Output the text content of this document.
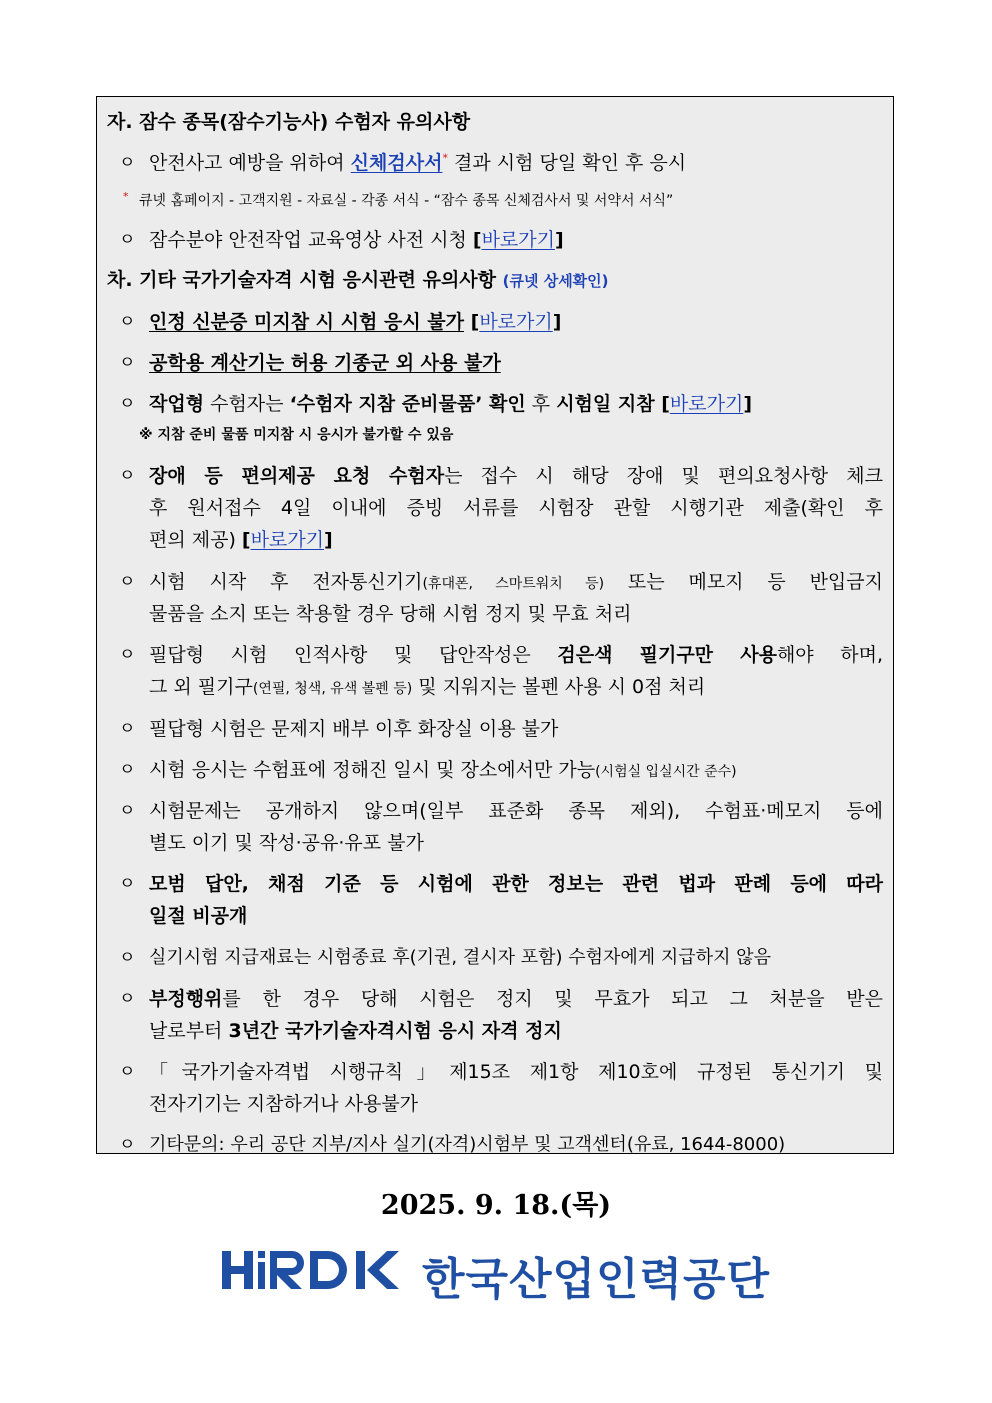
자. 잠수 종목(잠수기능사) 수험자 유의사항
ㅇ 안전사고 예방을 위하여 신체검사서* 결과 시험 당일 확인 후 응시
* 큐넷 홈페이지 - 고객지원 - 자료실 - 각종 서식 - “잠수 종목 신체검사서 및 서약서 서식”
ㅇ 잠수분야 안전작업 교육영상 사전 시청 [바로가기]
차. 기타 국가기술자격 시험 응시관련 유의사항 (큐넷 상세확인)
ㅇ 인정 신분증 미지참 시 시험 응시 불가 [바로가기]
ㅇ 공학용 계산기는 허용 기종군 외 사용 불가
ㅇ 작업형 수험자는 ‘수험자 지참 준비물품’ 확인 후 시험일 지참 [바로가기]
※ 지참 준비 물품 미지참 시 응시가 불가할 수 있음
ㅇ 장애 등 편의제공 요청 수험자는 접수 시 해당 장애 및 편의요청사항 체크
후 원서접수 4일 이내에 증빙 서류를 시험장 관할 시행기관 제출(확인 후
편의 제공) [바로가기]
ㅇ 시험 시작 후 전자통신기기(휴대폰, 스마트워치 등) 또는 메모지 등 반입금지
물품을 소지 또는 착용할 경우 당해 시험 정지 및 무효 처리
ㅇ 필답형 시험 인적사항 및 답안작성은 검은색 필기구만 사용해야 하며,
그 외 필기구(연필, 청색, 유색 볼펜 등) 및 지워지는 볼펜 사용 시 0점 처리
ㅇ 필답형 시험은 문제지 배부 이후 화장실 이용 불가
ㅇ 시험 응시는 수험표에 정해진 일시 및 장소에서만 가능(시험실 입실시간 준수)
ㅇ 시험문제는 공개하지 않으며(일부 표준화 종목 제외), 수험표·메모지 등에
별도 이기 및 작성·공유·유포 불가
ㅇ 모범 답안, 채점 기준 등 시험에 관한 정보는 관련 법과 판례 등에 따라
일절 비공개
ㅇ 실기시험 지급재료는 시험종료 후(기권, 결시자 포함) 수험자에게 지급하지 않음
ㅇ 부정행위를 한 경우 당해 시험은 정지 및 무효가 되고 그 처분을 받은
날로부터 3년간 국가기술자격시험 응시 자격 정지
ㅇ 「국가기술자격법 시행규칙」제15조 제1항 제10호에 규정된 통신기기 및
전자기기는 지참하거나 사용불가
ㅇ 기타문의: 우리 공단 지부/지사 실기(자격)시험부 및 고객센터(유료, 1644-8000)
2025. 9. 18.(목)
한국산업인력공단
